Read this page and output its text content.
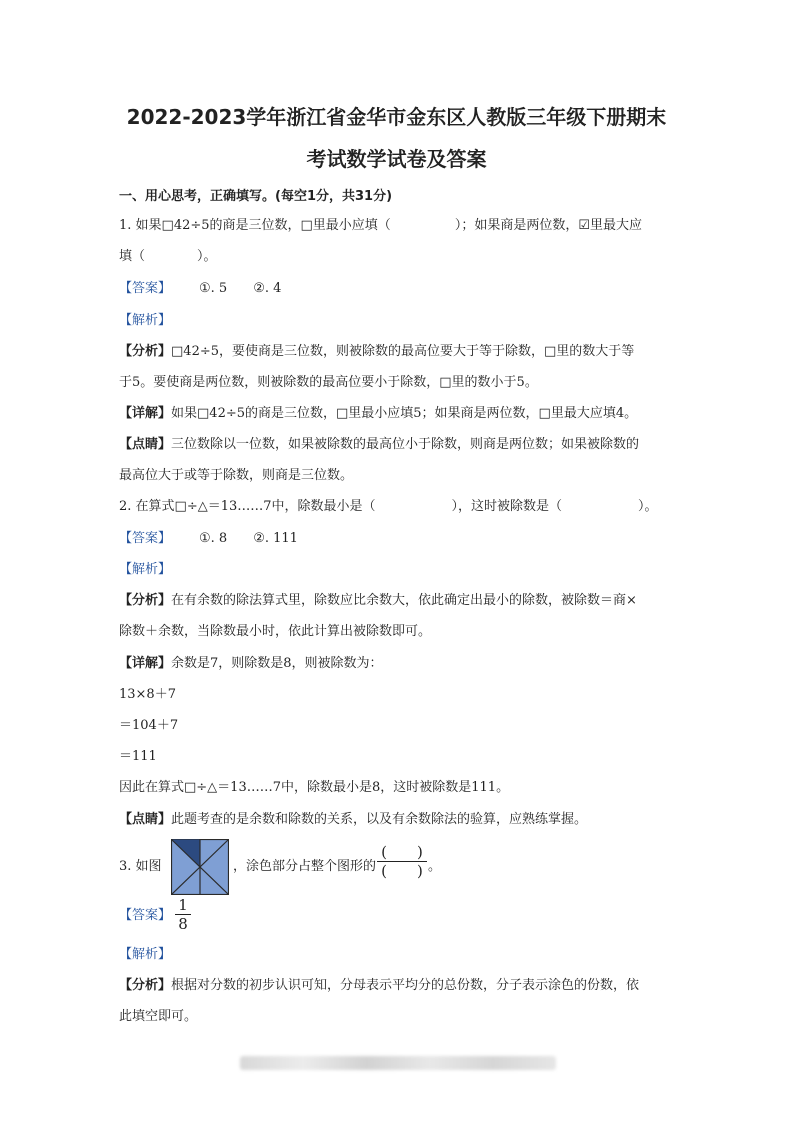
2022-2023学年浙江省金华市金东区人教版三年级下册期末
考试数学试卷及答案
一、用心思考，正确填写。(每空1分，共31分)
1. 如果□42÷5的商是三位数，□里最小应填（	）；如果商是两位数，☑里最大应
填（　　　　）。
【答案】 ①. 5　　②. 4
【解析】
【分析】□42÷5，要使商是三位数，则被除数的最高位要大于等于除数，□里的数大于等
于5。要使商是两位数，则被除数的最高位要小于除数，□里的数小于5。
【详解】如果□42÷5的商是三位数，□里最小应填5；如果商是两位数，□里最大应填4。
【点睛】三位数除以一位数，如果被除数的最高位小于除数，则商是两位数；如果被除数的
最高位大于或等于除数，则商是三位数。
2. 在算式□÷△＝13……7中，除数最小是（	），这时被除数是（	）。
【答案】 ①. 8　　②. 111
【解析】
【分析】在有余数的除法算式里，除数应比余数大，依此确定出最小的除数，被除数＝商×
除数＋余数，当除数最小时，依此计算出被除数即可。
【详解】余数是7，则除数是8，则被除数为：
13×8＋7
＝104＋7
＝111
因此在算式□÷△＝13……7中，除数最小是8，这时被除数是111。
【点睛】此题考查的是余数和除数的关系，以及有余数除法的验算，应熟练掌握。
3. 如图	，涂色部分占整个图形的
(　　)
(　　) 。
【答案】
1
8
【解析】
【分析】根据对分数的初步认识可知，分母表示平均分的总份数，分子表示涂色的份数，依
此填空即可。
